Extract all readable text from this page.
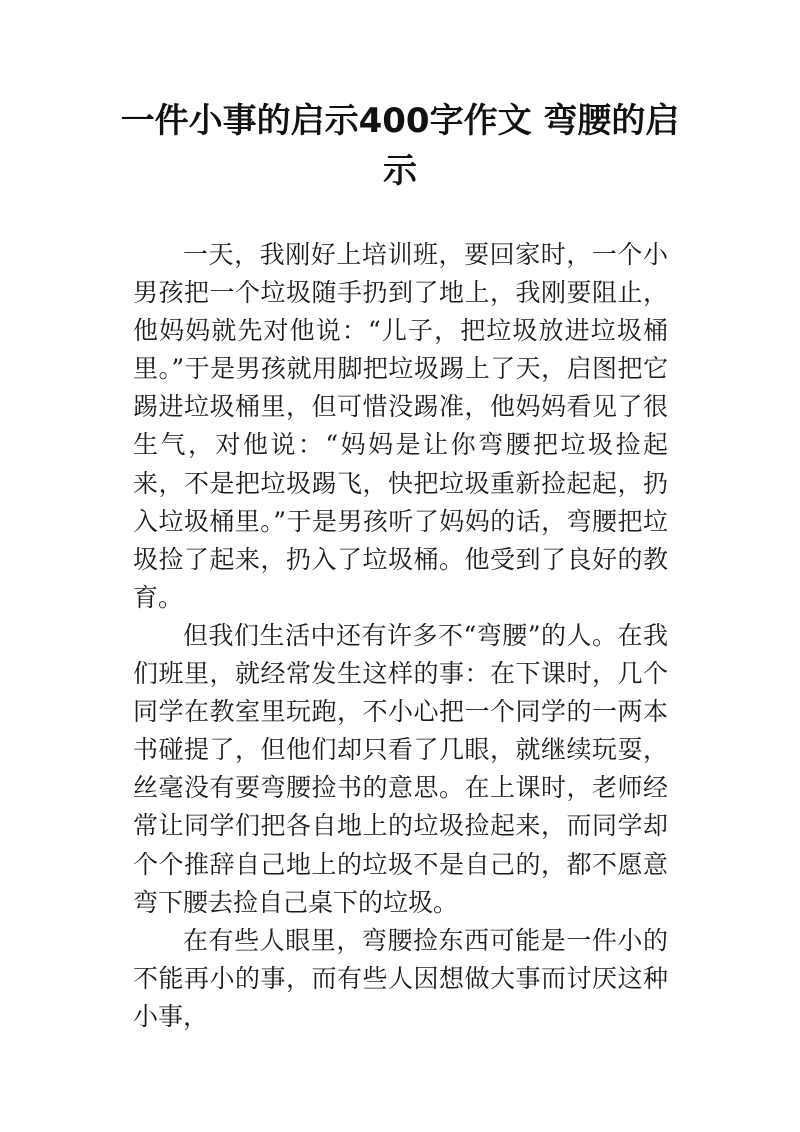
一件小事的启示400字作文 弯腰的启示

一天，我刚好上培训班，要回家时，一个小男孩把一个垃圾随手扔到了地上，我刚要阻止，他妈妈就先对他说：“儿子，把垃圾放进垃圾桶里。”于是男孩就用脚把垃圾踢上了天，启图把它踢进垃圾桶里，但可惜没踢准，他妈妈看见了很生气，对他说：“妈妈是让你弯腰把垃圾捡起来，不是把垃圾踢飞，快把垃圾重新捡起起，扔入垃圾桶里。”于是男孩听了妈妈的话，弯腰把垃圾捡了起来，扔入了垃圾桶。他受到了良好的教育。

但我们生活中还有许多不“弯腰”的人。在我们班里，就经常发生这样的事：在下课时，几个同学在教室里玩跑，不小心把一个同学的一两本书碰提了，但他们却只看了几眼，就继续玩耍，丝毫没有要弯腰捡书的意思。在上课时，老师经常让同学们把各自地上的垃圾捡起来，而同学却个个推辞自己地上的垃圾不是自己的，都不愿意弯下腰去捡自己桌下的垃圾。

在有些人眼里，弯腰捡东西可能是一件小的不能再小的事，而有些人因想做大事而讨厌这种小事，
